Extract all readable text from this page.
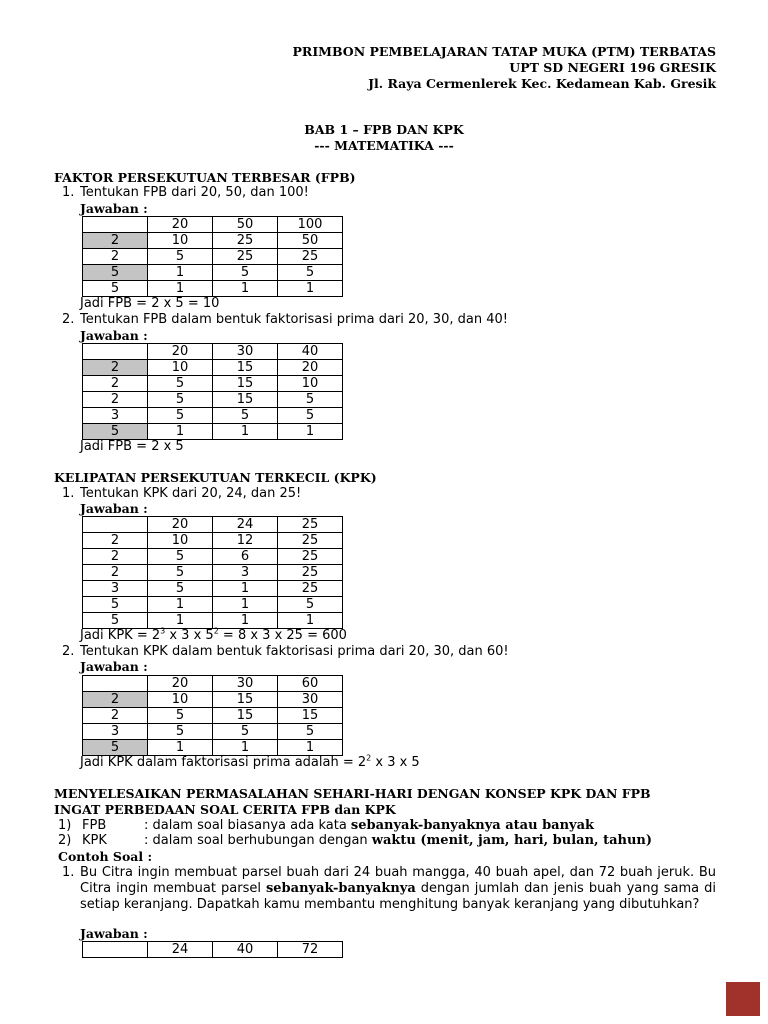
PRIMBON PEMBELAJARAN TATAP MUKA (PTM) TERBATAS
UPT SD NEGERI 196 GRESIK
Jl. Raya Cermenlerek Kec. Kedamean Kab. Gresik
BAB 1 – FPB DAN KPK
--- MATEMATIKA ---
FAKTOR PERSEKUTUAN TERBESAR (FPB)
1. Tentukan FPB dari 20, 50, dan 100!
Jawaban :
	20	50	100
2	10	25	50
2	5	25	25
5	1	5	5
5	1	1	1
Jadi FPB = 2 x 5 = 10
2. Tentukan FPB dalam bentuk faktorisasi prima dari 20, 30, dan 40!
Jawaban :
	20	30	40
2	10	15	20
2	5	15	10
2	5	15	5
3	5	5	5
5	1	1	1
Jadi FPB = 2 x 5
KELIPATAN PERSEKUTUAN TERKECIL (KPK)
1. Tentukan KPK dari 20, 24, dan 25!
Jawaban :
	20	24	25
2	10	12	25
2	5	6	25
2	5	3	25
3	5	1	25
5	1	1	5
5	1	1	1
Jadi KPK = $2^3$ x 3 x $5^2 = 8$ x 3 x 25 = 600
2. Tentukan KPK dalam bentuk faktorisasi prima dari 20, 30, dan 60!
Jawaban :
	20	30	60
2	10	15	30
2	5	15	15
3	5	5	5
5	1	1	1
Jadi KPK dalam faktorisasi prima adalah = $2^2$ x 3 x 5
MENYELESAIKAN PERMASALAHAN SEHARI-HARI DENGAN KONSEP KPK DAN FPB
INGAT PERBEDAAN SOAL CERITA FPB dan KPK
1) FPB	: dalam soal biasanya ada kata sebanyak-banyaknya atau banyak
2) KPK	: dalam soal berhubungan dengan waktu (menit, jam, hari, bulan, tahun)
Contoh Soal :
1. Bu Citra ingin membuat parsel buah dari 24 buah mangga, 40 buah apel, dan 72 buah jeruk. Bu Citra ingin membuat parsel sebanyak-banyaknya dengan jumlah dan jenis buah yang sama di setiap keranjang. Dapatkah kamu membantu menghitung banyak keranjang yang dibutuhkan?
Jawaban :
	24	40	72
